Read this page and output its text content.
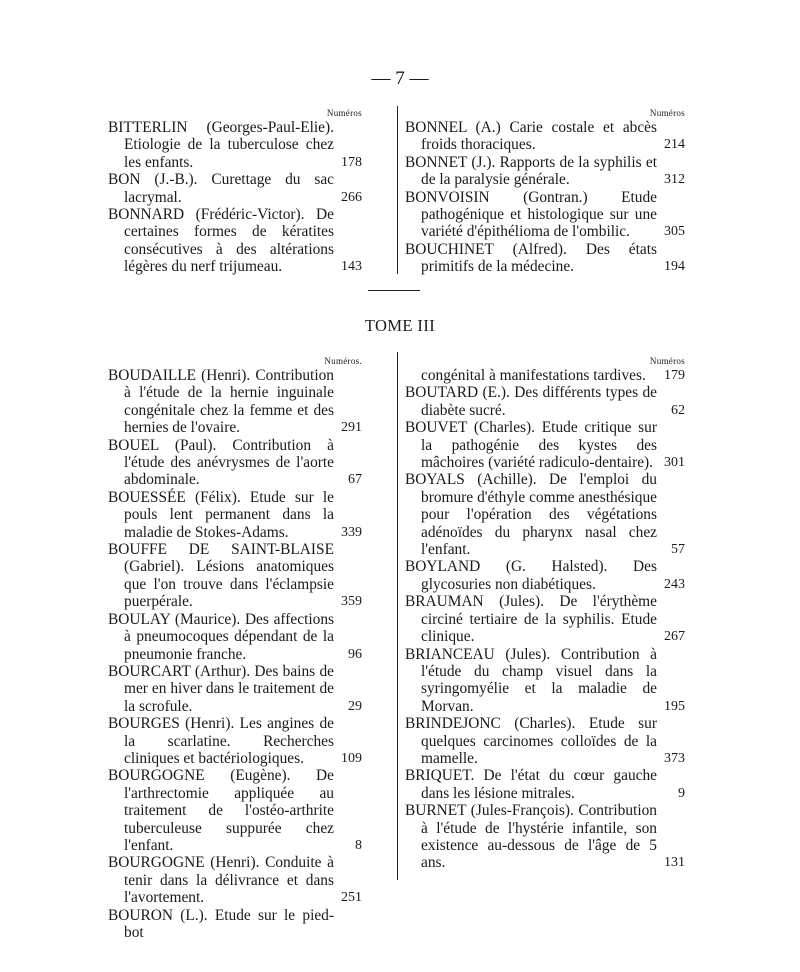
— 7 —
Numéros

BITTERLIN (Georges-Paul-Elie). Etiologie de la tuberculose chez les enfants.	178

BON (J.-B.). Curettage du sac lacrymal.	266

BONNARD (Frédéric-Victor). De certaines formes de kératites consécutives à des altérations légères du nerf trijumeau.	143
Numéros

BONNEL (A.) Carie costale et abcès froids thoraciques.	214

BONNET (J.). Rapports de la syphilis et de la paralysie générale.	312

BONVOISIN (Gontran.) Etude pathogénique et histologique sur une variété d'épithélioma de l'ombilic.	305

BOUCHINET (Alfred). Des états primitifs de la médecine.	194
TOME III
Numéros.

BOUDAILLE (Henri). Contribution à l'étude de la hernie inguinale congénitale chez la femme et des hernies de l'ovaire.	291

BOUEL (Paul). Contribution à l'étude des anévrysmes de l'aorte abdominale.	67

BOUESSÉE (Félix). Etude sur le pouls lent permanent dans la maladie de Stokes-Adams.	339

BOUFFE DE SAINT-BLAISE (Gabriel). Lésions anatomiques que l'on trouve dans l'éclampsie puerpérale.	359

BOULAY (Maurice). Des affections à pneumocoques dépendant de la pneumonie franche.	96

BOURCART (Arthur). Des bains de mer en hiver dans le traitement de la scrofule.	29

BOURGES (Henri). Les angines de la scarlatine. Recherches cliniques et bactériologiques.	109

BOURGOGNE (Eugène). De l'arthrectomie appliquée au traitement de l'ostéo-arthrite tuberculeuse suppurée chez l'enfant.	8

BOURGOGNE (Henri). Conduite à tenir dans la délivrance et dans l'avortement.	251

BOURON (L.). Etude sur le pied-bot

Numéros

congénital à manifestations tardives.	179

BOUTARD (E.). Des différents types de diabète sucré.	62

BOUVET (Charles). Etude critique sur la pathogénie des kystes des mâchoires (variété radiculo-dentaire). 301

BOYALS (Achille). De l'emploi du bromure d'éthyle comme anesthésique pour l'opération des végétations adénoïdes du pharynx nasal chez l'enfant.	57

BOYLAND (G. Halsted). Des glycosuries non diabétiques.	243

BRAUMAN (Jules). De l'érythème circiné tertiaire de la syphilis. Etude clinique.	267

BRIANCEAU (Jules). Contribution à l'étude du champ visuel dans la syringomyélie et la maladie de Morvan.	195

BRINDEJONC (Charles). Etude sur quelques carcinomes colloïdes de la mamelle.	373

BRIQUET. De l'état du cœur gauche dans les lésione mitrales.	9

BURNET (Jules-François). Contribution à l'étude de l'hystérie infantile, son existence au-dessous de l'âge de 5 ans.	131
